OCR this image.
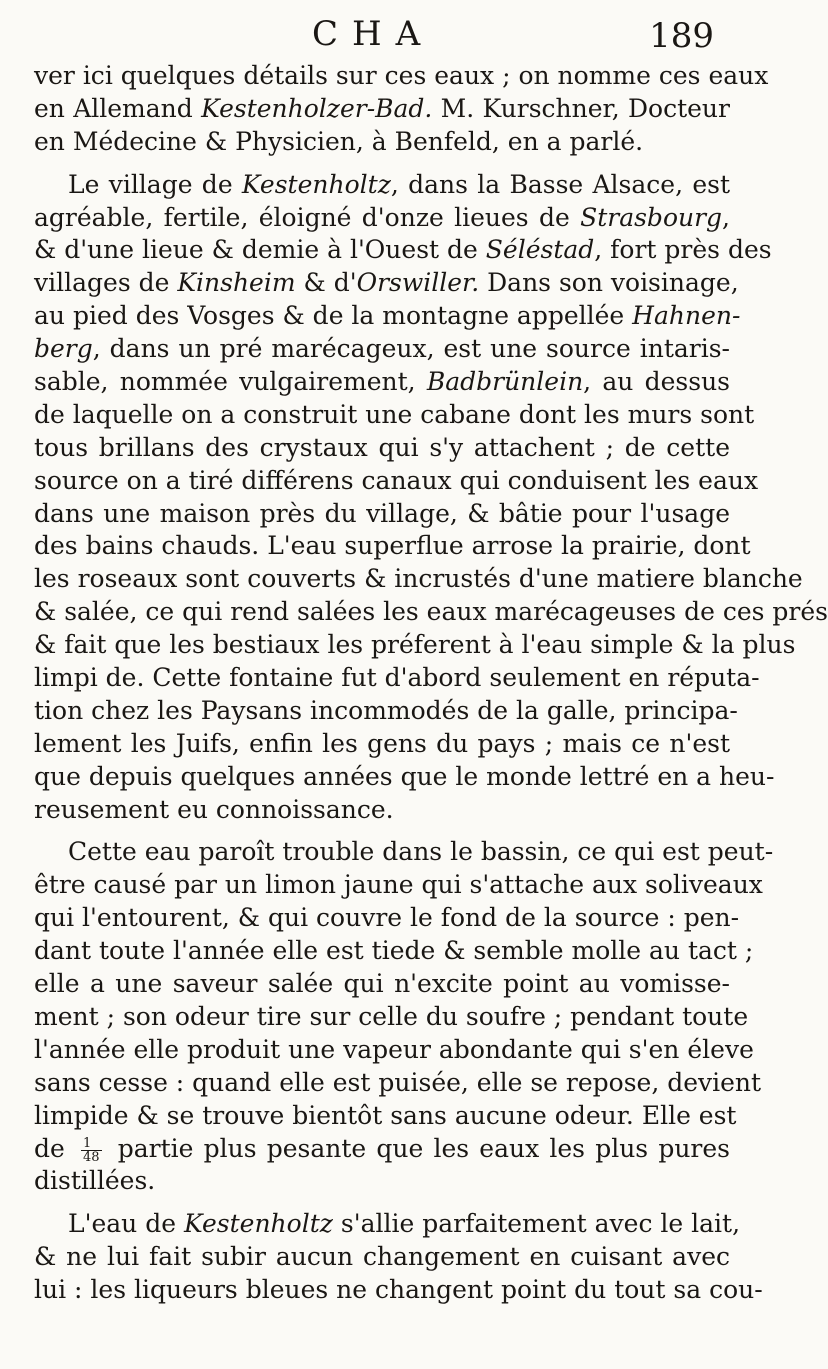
CHA	189
ver ici quelques détails sur ces eaux ; on nomme ces eaux
en Allemand Kestenholzer-Bad. M. Kurschner, Docteur
en Médecine & Physicien, à Benfeld, en a parlé.
Le village de Kestenholtz, dans la Basse Alsace, est
agréable, fertile, éloigné d'onze lieues de Strasbourg,
& d'une lieue & demie à l'Ouest de Séléstad, fort près des
villages de Kinsheim & d'Orswiller. Dans son voisinage,
au pied des Vosges & de la montagne appellée Hahnen-
berg, dans un pré marécageux, est une source intaris-
sable, nommée vulgairement, Badbrünlein, au dessus
de laquelle on a construit une cabane dont les murs sont
tous brillans des crystaux qui s'y attachent ; de cette
source on a tiré différens canaux qui conduisent les eaux
dans une maison près du village, & bâtie pour l'usage
des bains chauds. L'eau superflue arrose la prairie, dont
les roseaux sont couverts & incrustés d'une matiere blanche
& salée, ce qui rend salées les eaux marécageuses de ces prés
& fait que les bestiaux les préferent à l'eau simple & la plus
limpi de. Cette fontaine fut d'abord seulement en réputa-
tion chez les Paysans incommodés de la galle, principa-
lement les Juifs, enfin les gens du pays ; mais ce n'est
que depuis quelques années que le monde lettré en a heu-
reusement eu connoissance.
Cette eau paroît trouble dans le bassin, ce qui est peut-
être causé par un limon jaune qui s'attache aux soliveaux
qui l'entourent, & qui couvre le fond de la source : pen-
dant toute l'année elle est tiede & semble molle au tact ;
elle a une saveur salée qui n'excite point au vomisse-
ment ; son odeur tire sur celle du soufre ; pendant toute
l'année elle produit une vapeur abondante qui s'en éleve
sans cesse : quand elle est puisée, elle se repose, devient
limpide & se trouve bientôt sans aucune odeur. Elle est
de $\frac{1}{48}$ partie plus pesante que les eaux les plus pures
distillées.
L'eau de Kestenholtz s'allie parfaitement avec le lait,
& ne lui fait subir aucun changement en cuisant avec
lui : les liqueurs bleues ne changent point du tout sa cou-
